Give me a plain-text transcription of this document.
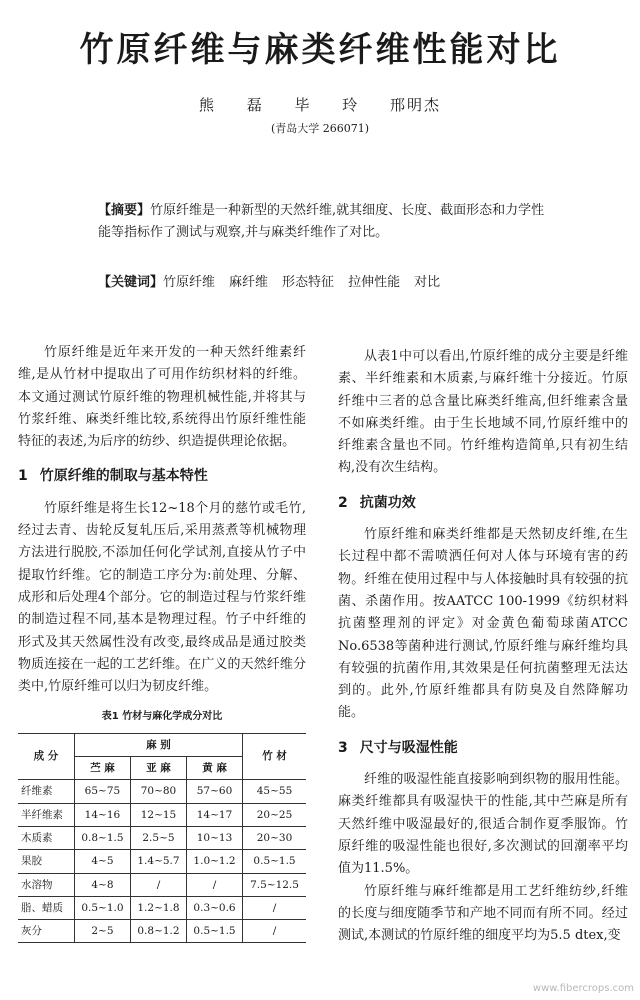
竹原纤维与麻类纤维性能对比
熊 磊 毕 玲 邢明杰
(青岛大学 266071)
【摘要】竹原纤维是一种新型的天然纤维,就其细度、长度、截面形态和力学性能等指标作了测试与观察,并与麻类纤维作了对比。
【关键词】竹原纤维 麻纤维 形态特征 拉伸性能 对比

竹原纤维是近年来开发的一种天然纤维素纤维,是从竹材中提取出了可用作纺织材料的纤维。本文通过测试竹原纤维的物理机械性能,并将其与竹浆纤维、麻类纤维比较,系统得出竹原纤维性能特征的表述,为后序的纺纱、织造提供理论依据。

1 竹原纤维的制取与基本特性

竹原纤维是将生长12~18个月的慈竹或毛竹,经过去青、齿轮反复轧压后,采用蒸煮等机械物理方法进行脱胶,不添加任何化学试剂,直接从竹子中提取竹纤维。它的制造工序分为:前处理、分解、成形和后处理4个部分。它的制造过程与竹浆纤维的制造过程不同,基本是物理过程。竹子中纤维的形式及其天然属性没有改变,最终成品是通过胶类物质连接在一起的工艺纤维。在广义的天然纤维分类中,竹原纤维可以归为韧皮纤维。

表1 竹材与麻化学成分对比
成 分	麻 别			竹 材
	苎 麻	亚 麻	黄 麻	
纤维素	65~75	70~80	57~60	45~55
半纤维素	14~16	12~15	14~17	20~25
木质素	0.8~1.5	2.5~5	10~13	20~30
果胶	4~5	1.4~5.7	1.0~1.2	0.5~1.5
水溶物	4~8	/	/	7.5~12.5
脂、蜡质	0.5~1.0	1.2~1.8	0.3~0.6	/
灰分	2~5	0.8~1.2	0.5~1.5	/

从表1中可以看出,竹原纤维的成分主要是纤维素、半纤维素和木质素,与麻纤维十分接近。竹原纤维中三者的总含量比麻类纤维高,但纤维素含量不如麻类纤维。由于生长地域不同,竹原纤维中的纤维素含量也不同。竹纤维构造简单,只有初生结构,没有次生结构。

2 抗菌功效

竹原纤维和麻类纤维都是天然韧皮纤维,在生长过程中都不需喷洒任何对人体与环境有害的药物。纤维在使用过程中与人体接触时具有较强的抗菌、杀菌作用。按AATCC 100-1999《纺织材料抗菌整理剂的评定》对金黄色葡萄球菌ATCC No.6538等菌种进行测试,竹原纤维与麻纤维均具有较强的抗菌作用,其效果是任何抗菌整理无法达到的。此外,竹原纤维都具有防臭及自然降解功能。

3 尺寸与吸湿性能

纤维的吸湿性能直接影响到织物的服用性能。麻类纤维都具有吸湿快干的性能,其中苎麻是所有天然纤维中吸湿最好的,很适合制作夏季服饰。竹原纤维的吸湿性能也很好,多次测试的回潮率平均值为11.5%。

竹原纤维与麻纤维都是用工艺纤维纺纱,纤维的长度与细度随季节和产地不同而有所不同。经过测试,本测试的竹原纤维的细度平均为5.5 dtex,变

www.fibercrops.com
